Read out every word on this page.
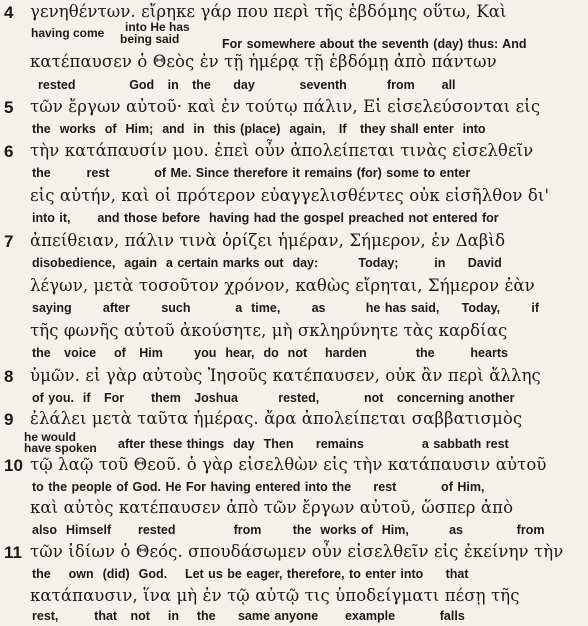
4 γενηθέντων. εἴρηκε γάρ που περὶ τῆς ἑβδόμης οὕτω, Καὶ
having come into He has
being said	For somewhere about the seventh (day) thus: And
κατέπαυσεν ὁ Θεὸς ἐν τῇ ἡμέρᾳ τῇ ἑβδόμῃ ἀπὸ πάντων
rested            God   in   the     day          seventh         from      all
5 τῶν ἔργων αὐτοῦ· καὶ ἐν τούτῳ πάλιν, Εἰ εἰσελεύσονται εἰς
the  works  of  Him;  and  in  this (place)  again,   If   they shall enter  into
6 τὴν κατάπαυσίν μου. ἐπεὶ οὖν ἀπολείπεται τινὰς εἰσελθεῖν
the        rest          of Me. Since therefore it remains (for) some to enter
εἰς αὐτήν, καὶ οἱ πρότερον εὐαγγελισθέντες οὐκ εἰσῆλθον δι'
into it,      and those before  having had the gospel preached not entered for
7 ἀπείθειαν, πάλιν τινὰ ὁρίζει ἡμέραν, Σήμερον, ἐν Δαβὶδ
disobedience,  again  a certain marks out  day:         Today;        in     David
λέγων, μετὰ τοσοῦτον χρόνον, καθὼς εἴρηται, Σήμερον ἐὰν
saying       after       such          a  time,       as         he has said,     Today,       if
τῆς φωνῆς αὐτοῦ ἀκούσητε, μὴ σκληρύνητε τὰς καρδίας
the   voice    of   Him       you  hear,  do  not    harden           the        hearts
8 ὑμῶν. εἰ γὰρ αὐτοὺς Ἰησοῦς κατέπαυσεν, οὐκ ἂν περὶ ἄλλης
of you.  if   For      them   Joshua         rested,          not   concerning another
9 ἐλάλει μετὰ ταῦτα ἡμέρας. ἄρα ἀπολείπεται σαββατισμὸς
he would
have spoken after these things  day  Then     remains             a sabbath rest
10 τῷ λαῷ τοῦ Θεοῦ. ὁ γὰρ εἰσελθὼν εἰς τὴν κατάπαυσιν αὐτοῦ
to the people of God. He For having entered into the     rest          of Him,
καὶ αὐτὸς κατέπαυσεν ἀπὸ τῶν ἔργων αὐτοῦ, ὥσπερ ἀπὸ
also  Himself      rested             from       the  works of  Him,         as            from
11 τῶν ἰδίων ὁ Θεός. σπουδάσωμεν οὖν εἰσελθεῖν εἰς ἐκείνην τὴν
the    own  (did)  God.    Let us be eager, therefore, to enter into     that
κατάπαυσιν, ἵνα μὴ ἐν τῷ αὐτῷ τις ὑποδείγματι πέσῃ τῆς
rest,        that   not    in    the     same anyone      example          falls
